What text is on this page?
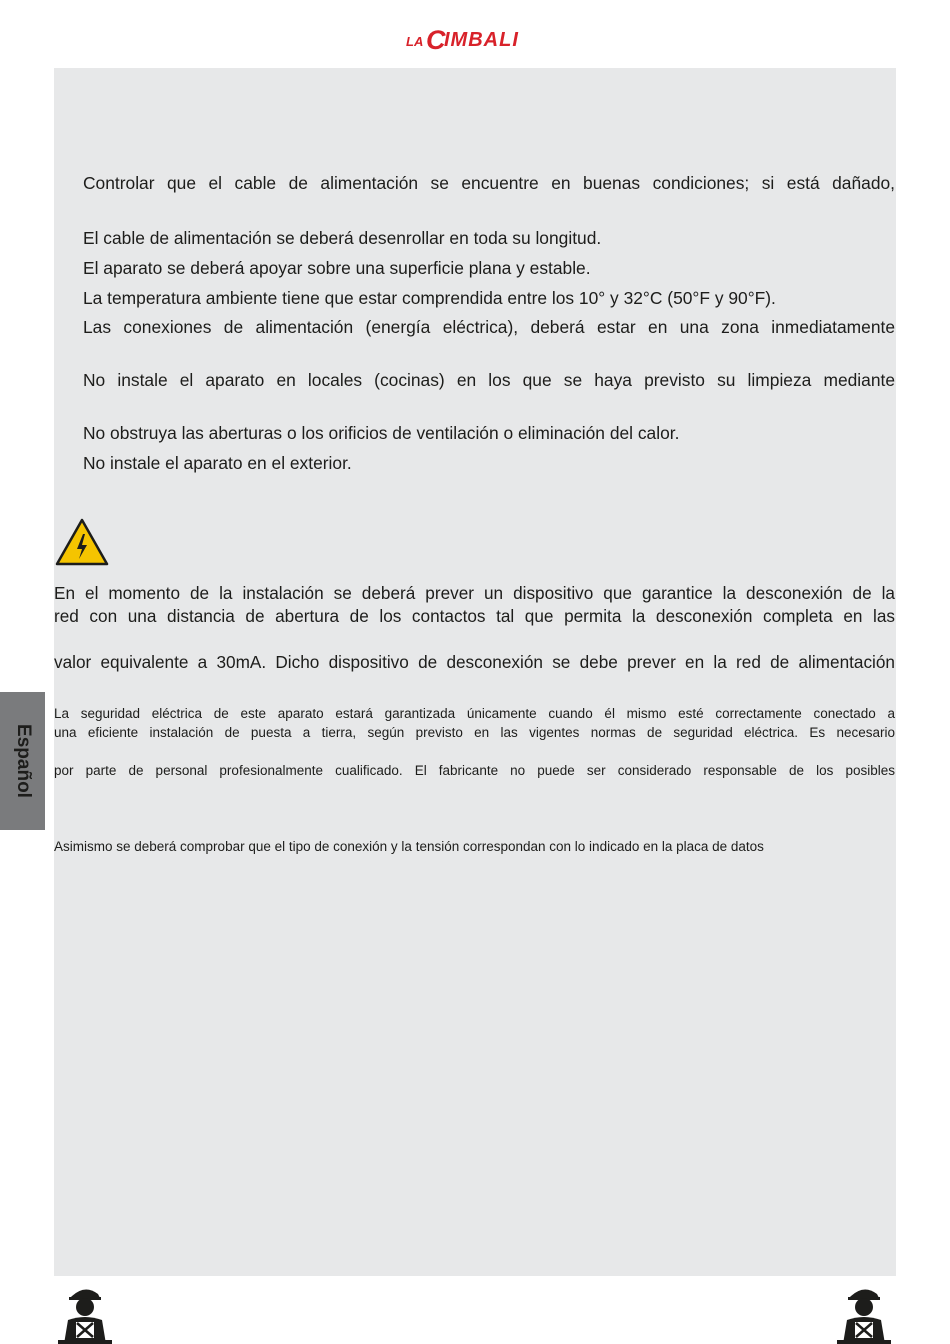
LA C
IMBALI
Controlar que el cable de alimentación se encuentre en buenas condiciones; si está dañado,
El cable de alimentación se deberá desenrollar en toda su longitud.
El aparato se deberá apoyar sobre una superficie plana y estable.
La temperatura ambiente tiene que estar comprendida entre los 10° y 32°C (50°F y 90°F).
Las conexiones de alimentación (energía eléctrica), deberá estar en una zona inmediatamente
No instale el aparato en locales (cocinas) en los que se haya previsto su limpieza mediante
No obstruya las aberturas o los orificios de ventilación o eliminación del calor.
No instale el aparato en el exterior.
En el momento de la instalación se deberá prever un dispositivo que garantice la desconexión de la
red con una distancia de abertura de los contactos tal que permita la desconexión completa en las
valor equivalente a 30mA. Dicho dispositivo de desconexión se debe prever en la red de alimentación
La seguridad eléctrica de este aparato estará garantizada únicamente cuando él mismo esté correctamente conectado a
una eficiente instalación de puesta a tierra, según previsto en las vigentes normas de seguridad eléctrica. Es necesario
por parte de personal profesionalmente cualificado. El fabricante no puede ser considerado responsable de los posibles
Asimismo se deberá comprobar que el tipo de conexión y la tensión correspondan con lo indicado en la placa de datos
Español
